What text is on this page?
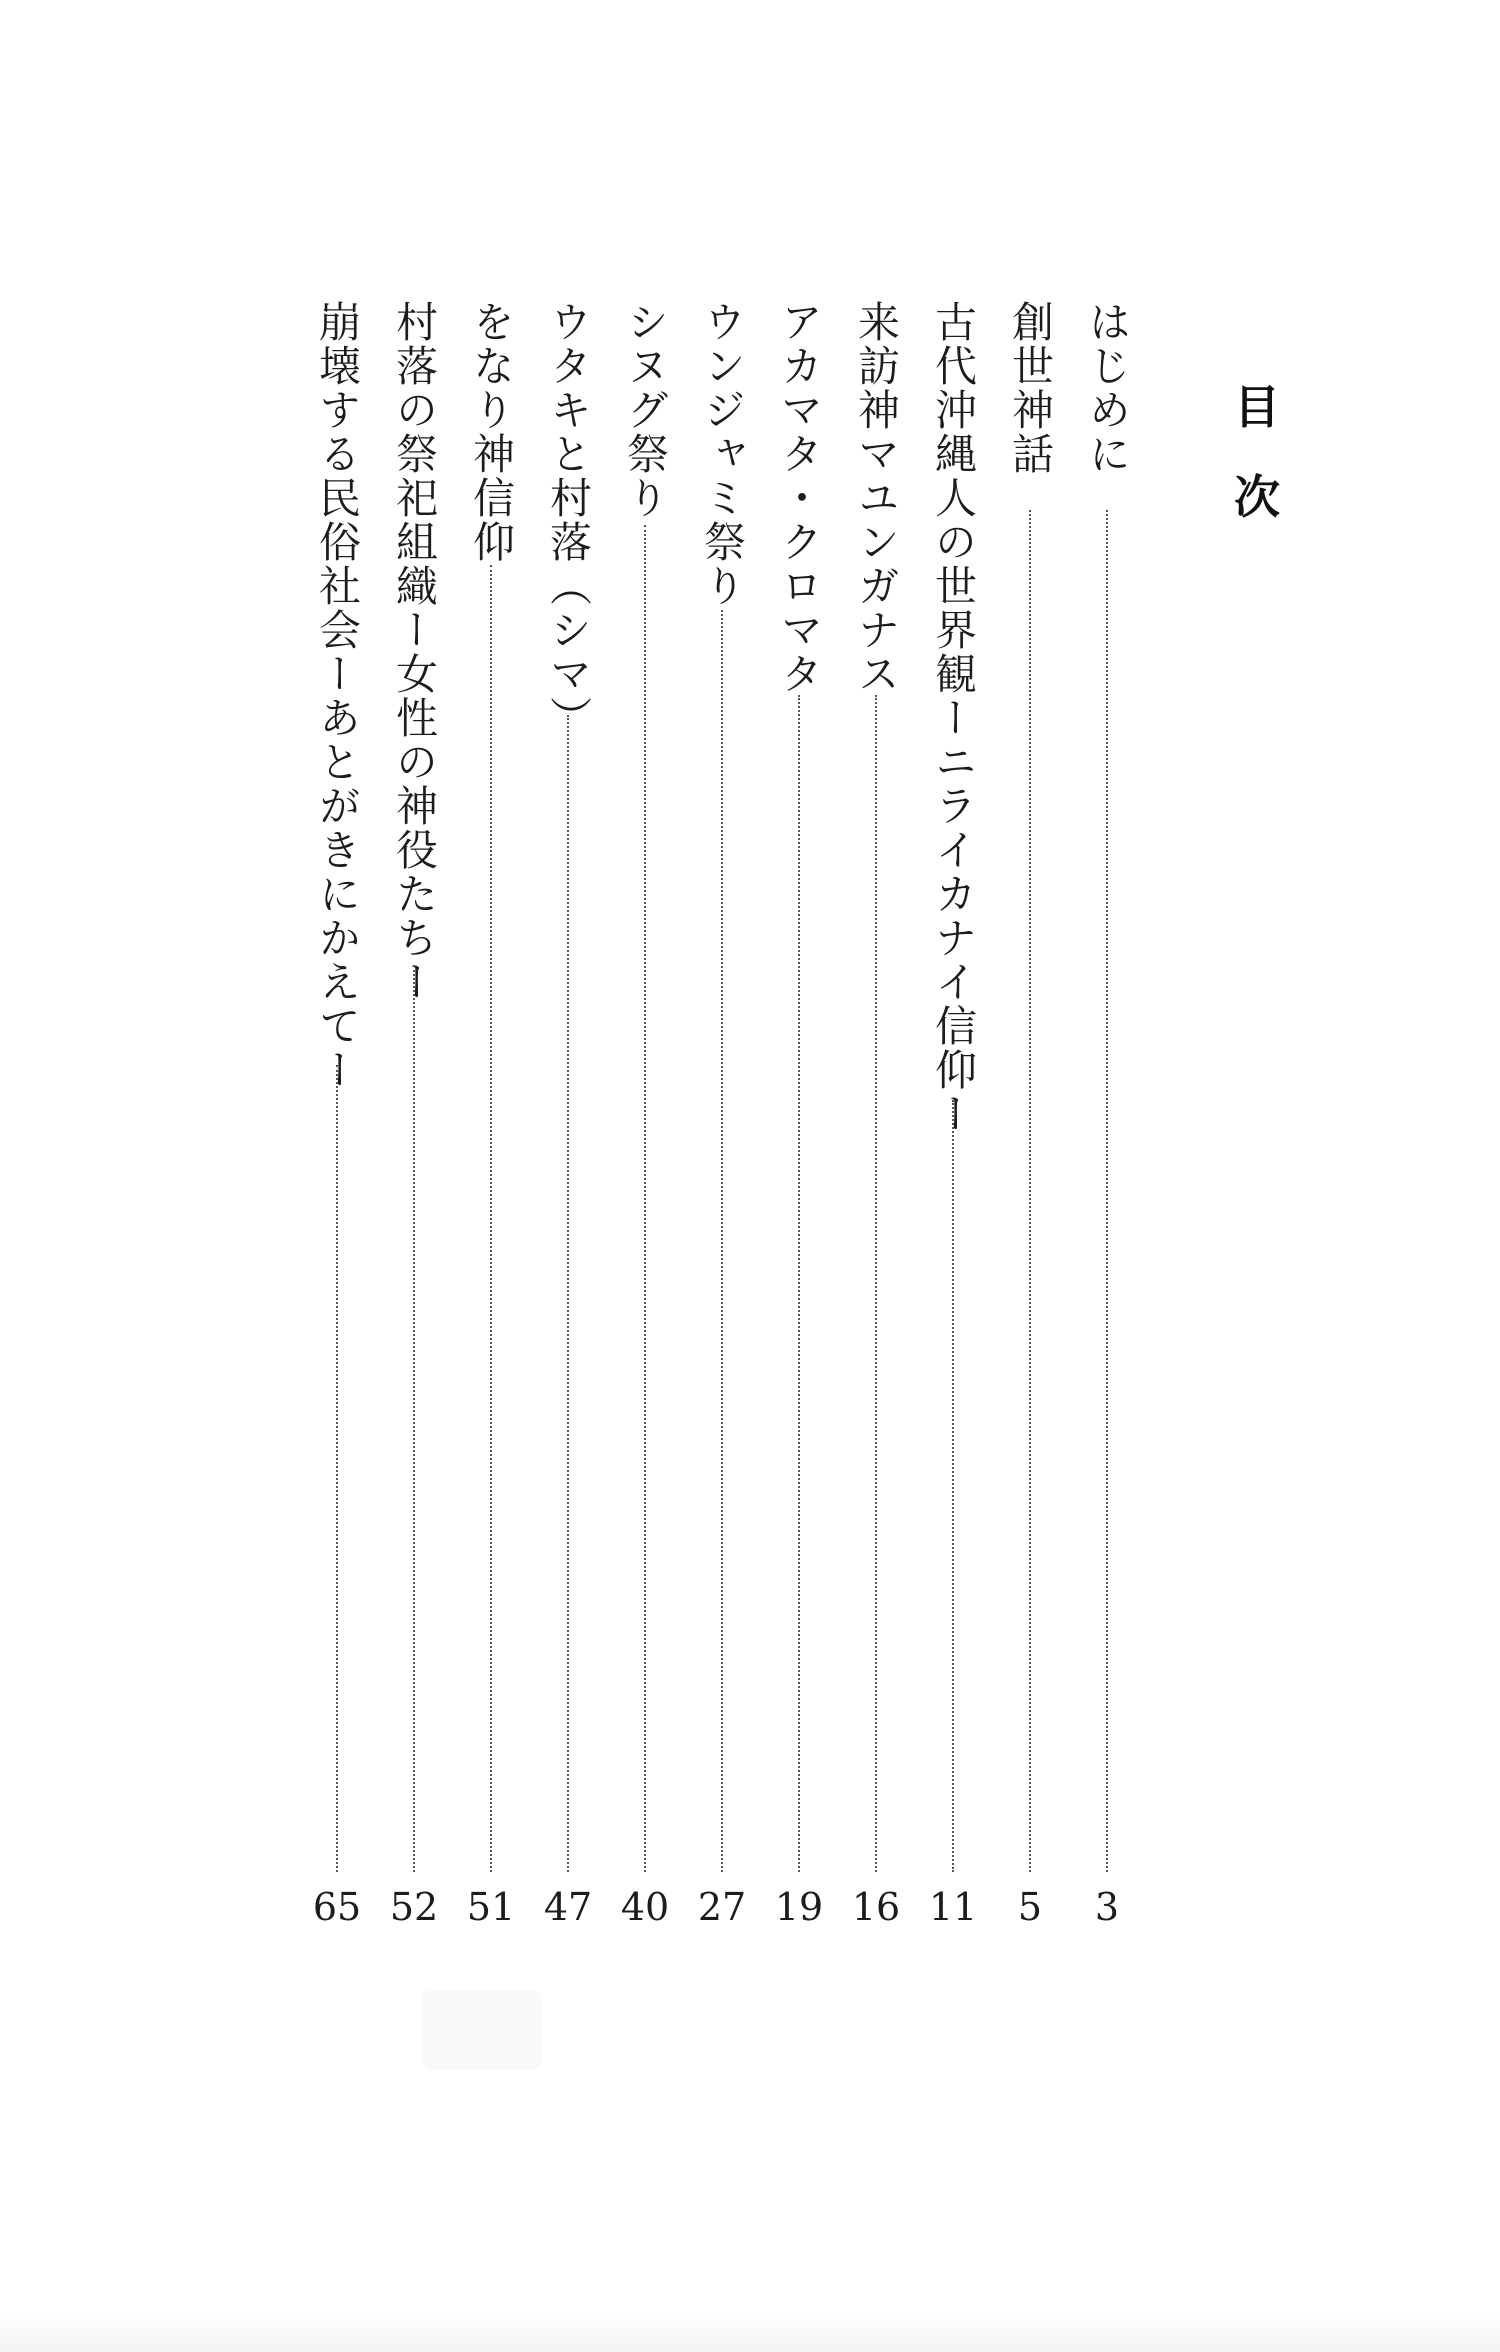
目
次
はじめに
3
創世神話
5
古代沖縄人の世界観ーニライカナイ信仰ー
11
来訪神マユンガナス
16
アカマタ・クロマタ
19
ウンジャミ祭り
27
シヌグ祭り
40
ウタキと村落（シマ）
47
をなり神信仰
51
村落の祭祀組織ー女性の神役たちー
52
崩壊する民俗社会ーあとがきにかえてー
65
